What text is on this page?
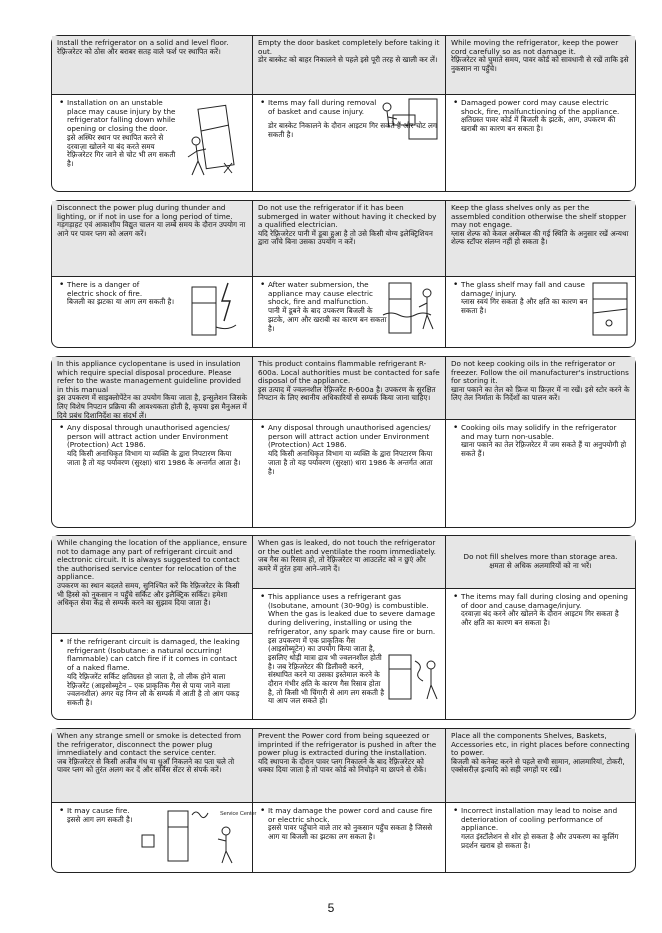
Install the refrigerator on a solid and level floor.
रेफ़्रिजरेटर को ठोस और बराबर सतह वाले फर्श पर स्थापित करें।
• Installation on an unstable place may cause injury by the refrigerator falling down while opening or closing the door.
इसे अस्थिर स्थान पर स्थापित करने से दरवाज़ा खोलने या बंद करते समय रेफ़्रिजरेटर गिर जाने से चोट भी लग सकती है।
Empty the door basket completely before taking it out.
डोर बास्केट को बाहर निकालने से पहले इसे पूरी तरह से खाली कर लें।
• Items may fall during removal of basket and cause injury.
डोर बास्केट निकालने के दौरान आइटम गिर सकते हैं और चोट लग सकती है।
While moving the refrigerator, keep the power cord carefully so as not damage it.
रेफ़्रिजरेटर को घुमाते समय, पावर कोर्ड को सावधानी से रखें ताकि इसे नुकसान ना पहुँचे।
• Damaged power cord may cause electric shock, fire, malfunctioning of the appliance.
क्षतिग्रस्त पावर कोर्ड में बिजली के झटके, आग, उपकरण की खराबी का कारण बन सकता है।
Disconnect the power plug during thunder and lighting, or if not in use for a long period of time.
गड़गड़ाहट एवं आकाशीय विद्युत चालन या लम्बे समय के दौरान उपयोग ना आने पर पावर प्लग को अलग करें।
• There is a danger of electric shock of fire.
बिजली का झटका या आग लग सकती है।
Do not use the refrigerator if it has been submerged in water without having it checked by a qualified electrician.
यदि रेफ़्रिजरेटर पानी में डूबा हुआ है तो उसे किसी योग्य इलेक्ट्रिशियन द्वारा जाँचे बिना उसका उपयोग न करें।
• After water submersion, the appliance may cause electric shock, fire and malfunction.
पानी में डूबने के बाद उपकरण बिजली के झटके, आग और खराबी का कारण बन सकता है।
Keep the glass shelves only as per the assembled condition otherwise the shelf stopper may not engage.
ग्लास शेल्फ को केवल असेंम्बल की गई स्थिति के अनुसार रखें अन्यथा शेल्फ स्टॉपर संलग्न नहीं हो सकता है।
• The glass shelf may fall and cause damage/ injury.
ग्लास स्वयं गिर सकता है और क्षति का कारण बन सकता है।
In this appliance cyclopentane is used in insulation which require special disposal procedure. Please refer to the waste management guideline provided in this manual
इस उपकरण में साइक्लोपेंटेन का उपयोग किया जाता है, इन्सुलेशन जिसके लिए विशेष निपटान प्रक्रिया की आवश्यकता होती है, कृपया इस मैनुअल में दिये प्रबंध दिशानिर्देश का संदर्भ लें।
• Any disposal through unauthorised agencies/ person will attract action under Environment (Protection) Act 1986.
यदि किसी अनाधिकृत विभाग या व्यक्ति के द्वारा निपटारण किया जाता है तो यह पर्यावरण (सुरक्षा) धारा 1986 के अन्तर्गत आता है।
This product contains flammable refrigerant R-600a. Local authorities must be contacted for safe disposal of the appliance.
इस उत्पाद में ज्वलनशील रेफ़्रिजरेंट R-600a है। उपकरण के सुरक्षित निपटान के लिए स्थानीय अधिकारियों से सम्पर्क किया जाना चाहिए।
• Any disposal through unauthorised agencies/ person will attract action under Environment (Protection) Act 1986.
यदि किसी अनाधिकृत विभाग या व्यक्ति के द्वारा निपटारण किया जाता है तो यह पर्यावरण (सुरक्षा) धारा 1986 के अन्तर्गत आता है।
Do not keep cooking oils in the refrigerator or freezer. Follow the oil manufacturer's instructions for storing it.
खाना पकाने का तेल को फ्रिज या फ्रिज़र में ना रखें। इसे स्टोर करने के लिए तेल निर्माता के निर्देशों का पालन करें।
• Cooking oils may solidify in the refrigerator and may turn non-usable.
खाना पकाने का तेल रेफ़्रिजरेटर में जम सकते हैं या अनुपयोगी हो सकते हैं।
While changing the location of the appliance, ensure not to damage any part of refrigerant circuit and electronic circuit. It is always suggested to contact the authorised service center for relocation of the appliance.
उपकरण का स्थान बदलते समय, सुनिश्चित करें कि रेफ़्रिजरेटर के किसी भी हिस्से को नुकसान न पहुँचे सर्किट और इलैक्ट्रिक सर्किट। हमेशा अधिकृत सेवा केंद्र से सम्पर्क करने का सुझाव दिया जाता है।
• If the refrigerant circuit is damaged, the leaking refrigerant (Isobutane: a natural occurring! flammable) can catch fire if it comes in contact of a naked flame.
यदि रेफ़्रिजरेंट सर्किट क्षतिग्रस्त हो जाता है, तो लीक होने वाला रेफ़्रिजरेंट (आइसोब्यूटेन – एक प्राकृतिक गैस से पाया जाने वाला ज्वलनशील) अगर यह निग्न लौ के सम्पर्क में आती है तो आग पकड़ सकती है।
When gas is leaked, do not touch the refrigerator or the outlet and ventilate the room immediately.
जब गैस का रिसाव हो, तो रेफ़्रिजरेटर या आउटलेट को न छुएं और कमरे में तुरंत हवा आने–जाने दें।
• This appliance uses a refrigerant gas (Isobutane, amount (30-90g) is combustible. When the gas is leaked due to severe damage during delivering, installing or using the refrigerator, any spark may cause fire or burn.
इस उपकरण में एक प्राकृतिक गैस (आइसोब्यूटेन) का उपयोग किया जाता है, इसलिए थोड़ी मात्रा द्राव भी ज्वलनशील होती है। जब रेफ़्रिजरेटर की डिलीवरी करने, संस्थापित करने या उसका इस्तेमाल करने के दौरान गंभीर क्षति के कारण गैस रिसाव होता है, तो किसी भी चिंगारी से आग लग सकती है या आप जल सकते हो।
Do not fill shelves more than storage area.
क्षमता से अधिक अलमारियों को ना भरें।
• The items may fall during closing and opening of door and cause damage/injury.
दरवाज़ा बंद करने और खोलने के दौरान आइटम गिर सकता है और क्षति का कारण बन सकता है।
When any strange smell or smoke is detected from the refrigerator, disconnect the power plug immediately and contact the service center.
जब रेफ़्रिजरेटर से किसी अजीब गंध या धुआँ निकलने का पता चले तो पावर प्लग को तुरंत अलग कर दें और सर्विस सेंटर से संपर्क करें।
• It may cause fire.
इससे आग लग सकती है।
Service Center
Prevent the Power cord from being squeezed or imprinted if the refrigerator is pushed in after the power plug is extracted during the installation.
यदि स्थापना के दौरान पावर प्लग निकालने के बाद रेफ़्रिजरेटर को धक्का दिया जाता है तो पावर कोर्ड को निचोड़ने या छापने से रोकें।
• It may damage the power cord and cause fire or electric shock.
इससे पावर पहुँचाने वाले तार को नुकसान पहुँच सकता है जिससे आग या बिजली का झटका लग सकता है।
Place all the components Shelves, Baskets, Accessories etc, in right places before connecting to power.
बिजली को कनेक्ट करने से पहले सभी सामान, आलमारियां, टोकरी, एक्सेसरीज़ इत्यादि को सही जगहों पर रखें।
• Incorrect installation may lead to noise and deterioration of cooling performance of appliance.
गलत इंस्टॉलेशन से शोर हो सकता है और उपकरण का कूलिंग प्रदर्शन खराब हो सकता है।
5
